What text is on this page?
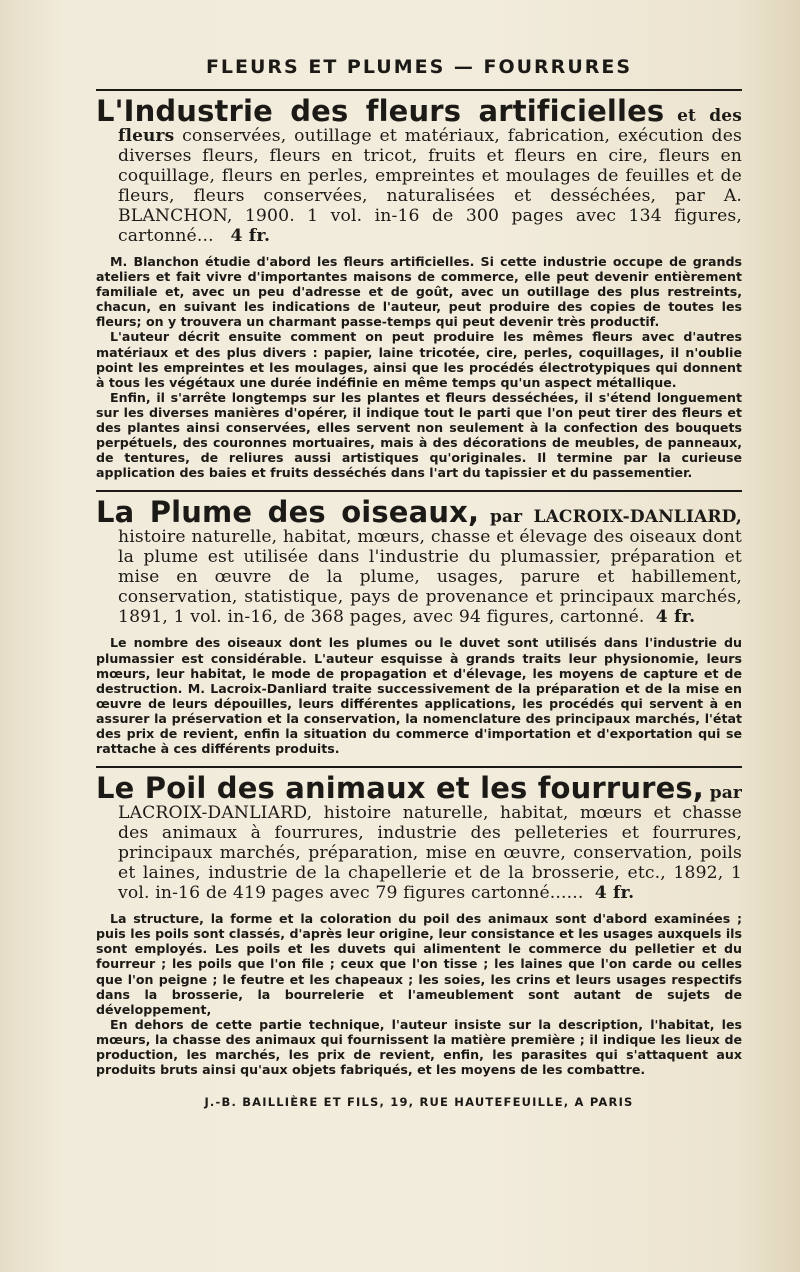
FLEURS ET PLUMES — FOURRURES
L'Industrie des fleurs artificielles et des fleurs conservées, outillage et matériaux, fabrication, exécution des diverses fleurs, fleurs en tricot, fruits et fleurs en cire, fleurs en coquillage, fleurs en perles, empreintes et moulages de feuilles et de fleurs, fleurs conservées, naturalisées et desséchées, par A. BLANCHON, 1900. 1 vol. in-16 de 300 pages avec 134 figures, cartonné... 4 fr.

M. Blanchon étudie d'abord les fleurs artificielles. Si cette industrie occupe de grands ateliers et fait vivre d'importantes maisons de commerce, elle peut devenir entièrement familiale et, avec un peu d'adresse et de goût, avec un outillage des plus restreints, chacun, en suivant les indications de l'auteur, peut produire des copies de toutes les fleurs; on y trouvera un charmant passe-temps qui peut devenir très productif.

L'auteur décrit ensuite comment on peut produire les mêmes fleurs avec d'autres matériaux et des plus divers : papier, laine tricotée, cire, perles, coquillages, il n'oublie point les empreintes et les moulages, ainsi que les procédés électrotypiques qui donnent à tous les végétaux une durée indéfinie en même temps qu'un aspect métallique.

Enfin, il s'arrête longtemps sur les plantes et fleurs desséchées, il s'étend longuement sur les diverses manières d'opérer, il indique tout le parti que l'on peut tirer des fleurs et des plantes ainsi conservées, elles servent non seulement à la confection des bouquets perpétuels, des couronnes mortuaires, mais à des décorations de meubles, de panneaux, de tentures, de reliures aussi artistiques qu'originales. Il termine par la curieuse application des baies et fruits desséchés dans l'art du tapissier et du passementier.

La Plume des oiseaux, par LACROIX-DANLIARD, histoire naturelle, habitat, mœurs, chasse et élevage des oiseaux dont la plume est utilisée dans l'industrie du plumassier, préparation et mise en œuvre de la plume, usages, parure et habillement, conservation, statistique, pays de provenance et principaux marchés, 1891, 1 vol. in-16, de 368 pages, avec 94 figures, cartonné. 4 fr.

Le nombre des oiseaux dont les plumes ou le duvet sont utilisés dans l'industrie du plumassier est considérable. L'auteur esquisse à grands traits leur physionomie, leurs mœurs, leur habitat, le mode de propagation et d'élevage, les moyens de capture et de destruction. M. Lacroix-Danliard traite successivement de la préparation et de la mise en œuvre de leurs dépouilles, leurs différentes applications, les procédés qui servent à en assurer la préservation et la conservation, la nomenclature des principaux marchés, l'état des prix de revient, enfin la situation du commerce d'importation et d'exportation qui se rattache à ces différents produits.

Le Poil des animaux et les fourrures, par LACROIX-DANLIARD, histoire naturelle, habitat, mœurs et chasse des animaux à fourrures, industrie des pelleteries et fourrures, principaux marchés, préparation, mise en œuvre, conservation, poils et laines, industrie de la chapellerie et de la brosserie, etc., 1892, 1 vol. in-16 de 419 pages avec 79 figures cartonné...... 4 fr.

La structure, la forme et la coloration du poil des animaux sont d'abord examinées ; puis les poils sont classés, d'après leur origine, leur consistance et les usages auxquels ils sont employés. Les poils et les duvets qui alimentent le commerce du pelletier et du fourreur ; les poils que l'on file ; ceux que l'on tisse ; les laines que l'on carde ou celles que l'on peigne ; le feutre et les chapeaux ; les soies, les crins et leurs usages respectifs dans la brosserie, la bourrelerie et l'ameublement sont autant de sujets de développement,

En dehors de cette partie technique, l'auteur insiste sur la description, l'habitat, les mœurs, la chasse des animaux qui fournissent la matière première ; il indique les lieux de production, les marchés, les prix de revient, enfin, les parasites qui s'attaquent aux produits bruts ainsi qu'aux objets fabriqués, et les moyens de les combattre.

J.-B. BAILLIÈRE ET FILS, 19, RUE HAUTEFEUILLE, A PARIS
